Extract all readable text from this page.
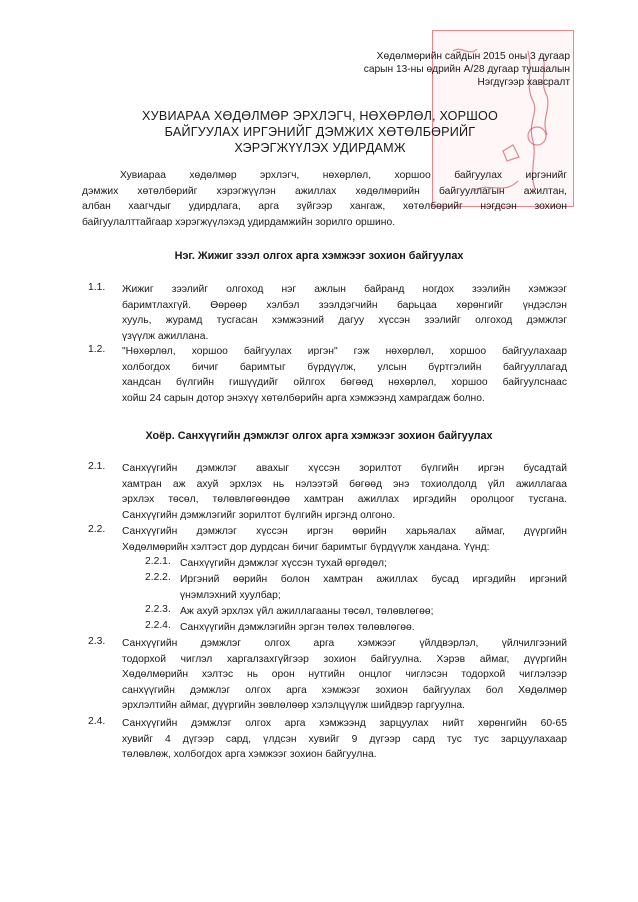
Хөдөлмөрийн сайдын 2015 оны 3 дугаар
сарын 13-ны өдрийн А/28 дугаар тушаалын
Нэгдүгээр хавсралт
ХУВИАРАА ХӨДӨЛМӨР ЭРХЛЭГЧ, НӨХӨРЛӨЛ, ХОРШОО
БАЙГУУЛАХ ИРГЭНИЙГ ДЭМЖИХ ХӨТӨЛБӨРИЙГ
ХЭРЭГЖҮҮЛЭХ УДИРДАМЖ
Хувиараа хөдөлмөр эрхлэгч, нөхөрлөл, хоршоо байгуулах иргэнийг
дэмжих хөтөлбөрийг хэрэгжүүлэн ажиллах хөдөлмөрийн байгууллагын ажилтан,
албан хаагчдыг удирдлага, арга зүйгээр хангаж, хөтөлбөрийг нэгдсэн зохион
байгуулалттайгаар хэрэгжүүлэхэд удирдамжийн зорилго оршино.
Нэг. Жижиг зээл олгох арга хэмжээг зохион байгуулах
1.1.	Жижиг зээлийг олгоход нэг ажлын байранд ногдох зээлийн хэмжээг
баримтлахгүй. Өөрөөр хэлбэл зээлдэгчийн барьцаа хөрөнгийг үндэслэн
хууль, журамд тусгасан хэмжээний дагуу хүссэн зээлийг олгоход дэмжлэг
үзүүлж ажиллана.
1.2.	"Нөхөрлөл, хоршоо байгуулах иргэн" гэж нөхөрлөл, хоршоо байгуулахаар
холбогдох бичиг баримтыг бүрдүүлж, улсын бүртгэлийн байгууллагад
хандсан бүлгийн гишүүдийг ойлгох бөгөөд нөхөрлөл, хоршоо байгуулснаас
хойш 24 сарын дотор энэхүү хөтөлбөрийн арга хэмжээнд хамрагдаж болно.
Хоёр. Санхүүгийн дэмжлэг олгох арга хэмжээг зохион байгуулах
2.1.	Санхүүгийн дэмжлэг авахыг хүссэн зорилтот бүлгийн иргэн бусадтай
хамтран аж ахуй эрхлэх нь нэлээтэй бөгөөд энэ тохиолдолд үйл ажиллагаа
эрхлэх төсөл, төлөвлөгөөндөө хамтран ажиллах иргэдийн оролцоог тусгана.
Санхүүгийн дэмжлэгийг зорилтот бүлгийн иргэнд олгоно.
2.2.	Санхүүгийн дэмжлэг хүссэн иргэн өөрийн харьяалах аймаг, дүүргийн
Хөдөлмөрийн хэлтэст дор дурдсан бичиг баримтыг бүрдүүлж хандана. Үүнд:
2.2.1. Санхүүгийн дэмжлэг хүссэн тухай өргөдөл;
2.2.2. Иргэний өөрийн болон хамтран ажиллах бусад иргэдийн иргэний
үнэмлэхний хуулбар;
2.2.3. Аж ахуй эрхлэх үйл ажиллагааны төсөл, төлөвлөгөө;
2.2.4. Санхүүгийн дэмжлэгийн эргэн төлөх төлөвлөгөө.
2.3.	Санхүүгийн дэмжлэг олгох арга хэмжээг үйлдвэрлэл, үйлчилгээний
тодорхой чиглэл харгалзахгүйгээр зохион байгуулна. Хэрэв аймаг, дүүргийн
Хөдөлмөрийн хэлтэс нь орон нутгийн онцлог чиглэсэн тодорхой чиглэлээр
санхүүгийн дэмжлэг олгох арга хэмжээг зохион байгуулах бол Хөдөлмөр
эрхлэлтийн аймаг, дүүргийн зөвлөлөөр хэлэлцүүлж шийдвэр гаргуулна.
2.4.	Санхүүгийн дэмжлэг олгох арга хэмжээнд зарцуулах нийт хөрөнгийн 60-65
хувийг 4 дүгээр сард, үлдсэн хувийг 9 дүгээр сард тус тус зарцуулахаар
төлөвлөж, холбогдох арга хэмжээг зохион байгуулна.
